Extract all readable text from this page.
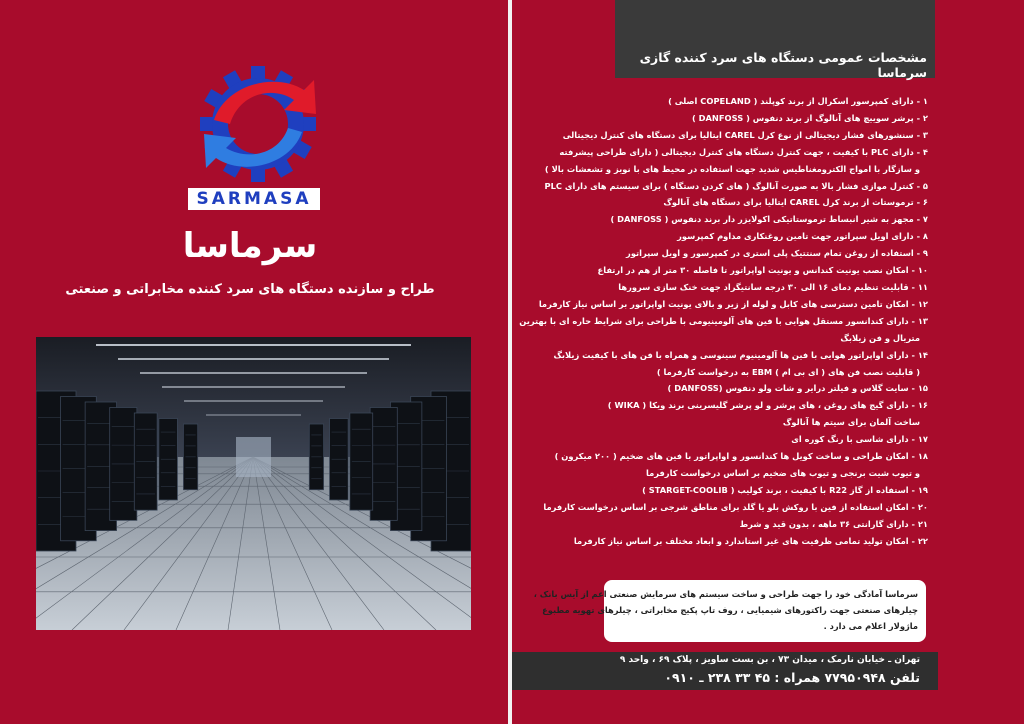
SARMASA
سرماسا
طراح و سازنده دستگاه های سرد کننده مخابراتی و صنعتی
مشخصات عمومی دستگاه های سرد کننده گازی سرماسا
۱ - دارای کمپرسور اسکرال از برند کوپلند ( COPELAND اصلی )
۲ - پرشر سوییچ های آنالوگ از برند دنفوس ( DANFOSS )
۳ - سنشورهای فشار دیجیتالی از نوع کرل CAREL ایتالیا برای دستگاه های کنترل دیجیتالی
۴ - دارای PLC با کیفیت ، جهت کنترل دستگاه های کنترل دیجیتالی ( دارای طراحی پیشرفته
و سازگار با امواج الکترومغناطیس شدید جهت استفاده در محیط های با نویز و تشعشات بالا )
۵ - کنترل موازی فشار بالا به صورت آنالوگ ( های کردن دستگاه ) برای سیستم های دارای PLC
۶ - ترموستات از برند کرل CAREL ایتالیا برای دستگاه های آنالوگ
۷ - مجهز به شیر انبساط ترموستاتیکی اکولایزر دار برند دنفوس ( DANFOSS )
۸ - دارای اویل سپراتور جهت تامین روغنکاری مداوم کمپرسور
۹ - استفاده از روغن تمام سنتتیک پلی استری در کمپرسور و اویل سپراتور
۱۰ - امکان نصب یونیت کندانس و یونیت اواپراتور تا فاصله ۳۰ متر از هم در ارتفاع
۱۱ - قابلیت تنظیم دمای ۱۶ الی ۳۰ درجه سانتیگراد جهت خنک سازی سرورها
۱۲ - امکان تامین دسترسی های کابل و لوله از زیر و بالای یونیت اواپراتور بر اساس نیاز کارفرما
۱۳ - دارای کندانسور مستقل هوایی با فین های آلومینیومی با طراحی برای شرایط حاره ای با بهترین
متریال و فن زیلابگ
۱۴ - دارای اواپراتور هوایی با فین ها آلومینیوم سینوسی و همراه با فن های با کیفیت زیلابگ
( قابلیت نصب فن های ( ای بی ام ) EBM به درخواست کارفرما )
۱۵ - سایت گلاس و فیلتر درایر و شات ولو دنفوس (DANFOSS )
۱۶ - دارای گیج های روغن ، های پرشر و لو پرشر گلیسرینی برند ویکا ( WIKA )
ساخت آلمان برای سیتم ها آنالوگ
۱۷ - دارای شاسی با رنگ کوره ای
۱۸ - امکان طراحی و ساخت کویل ها کندانسور و اواپراتور با فین های ضخیم ( ۲۰۰ میکرون )
و تیوب شیت برنجی و تیوب های ضخیم بر اساس درخواست کارفرما
۱۹ - استفاده از گاز R22 با کیفیت ، برند کولیب ( STARGET-COOLIB )
۲۰ - امکان استفاده از فین با روکش بلو یا گلد برای مناطق شرجی بر اساس درخواست کارفرما
۲۱ - دارای گارانتی ۳۶ ماهه ، بدون قید و شرط
۲۲ - امکان تولید تمامی ظرفیت های غیر استاندارد و ابعاد مختلف بر اساس نیاز کارفرما

سرماسا آمادگی خود را جهت طراحی و ساخت سیستم های سرمایش صنعتی اعم از آیس بانک ،

چیلرهای صنعتی جهت راکتورهای شیمیایی ، روف تاپ پکیج مخابراتی ، چیلرهای تهویه مطبوع

ماژولار اعلام می دارد .

تهران ـ خیابان نارمک ، میدان ۷۳ ، بن بست ساویز ، پلاک ۶۹ ، واحد ۹
تلفن ۷۷۹۵۰۹۴۸ همراه : ۴۵ ۳۳ ۲۳۸ ـ ۰۹۱۰
